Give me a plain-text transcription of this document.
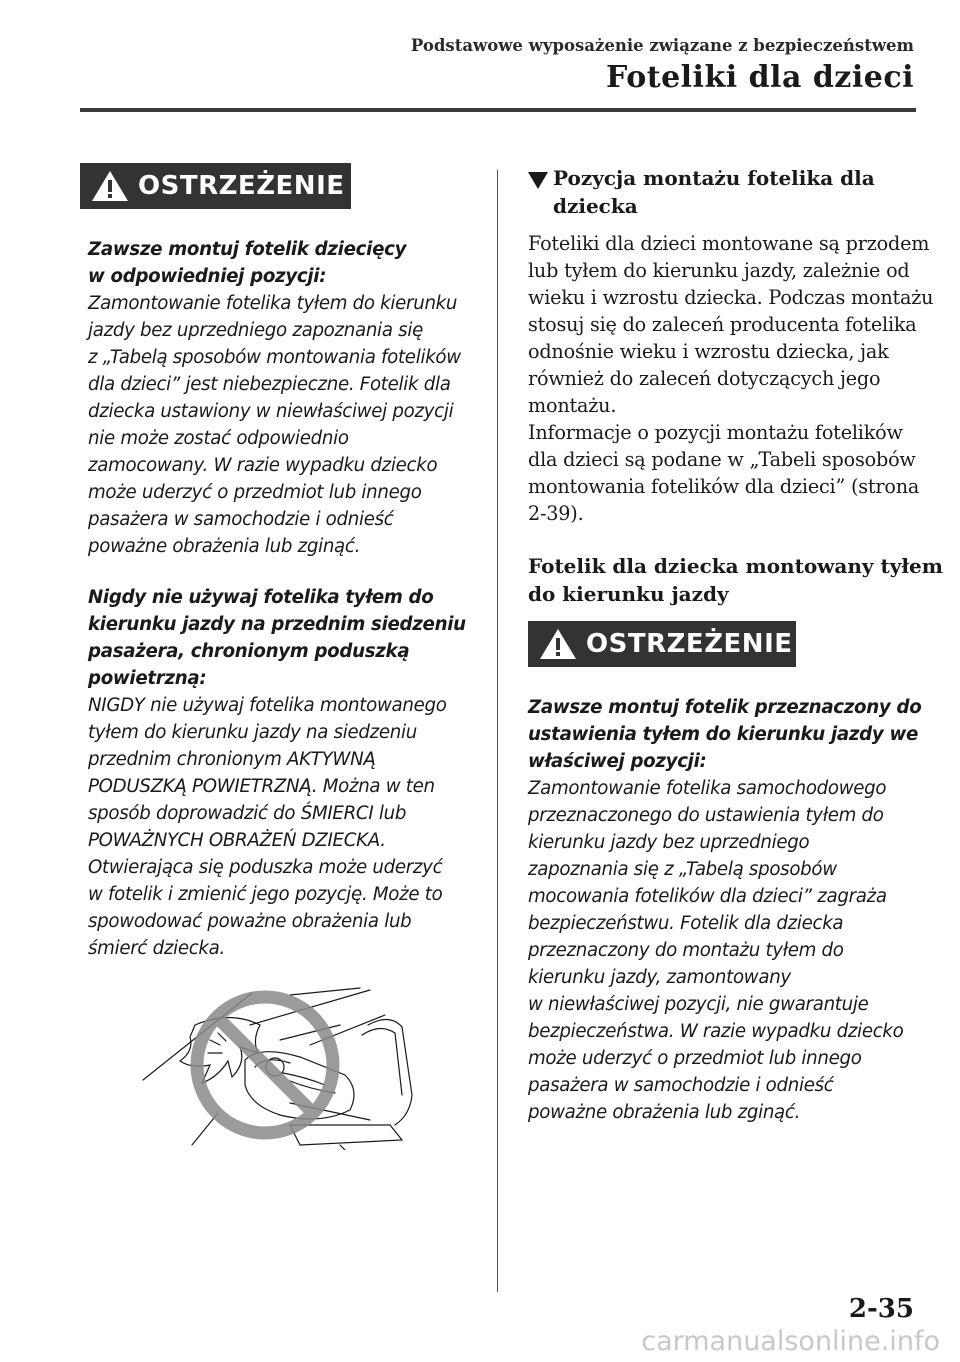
Podstawowe wyposażenie związane z bezpieczeństwem
Foteliki dla dzieci
OSTRZEŻENIE
Zawsze montuj fotelik dziecięcy
w odpowiedniej pozycji:
Zamontowanie fotelika tyłem do kierunku
jazdy bez uprzedniego zapoznania się
z „Tabelą sposobów montowania fotelików
dla dzieci” jest niebezpieczne. Fotelik dla
dziecka ustawiony w niewłaściwej pozycji
nie może zostać odpowiednio
zamocowany. W razie wypadku dziecko
może uderzyć o przedmiot lub innego
pasażera w samochodzie i odnieść
poważne obrażenia lub zginąć.
Nigdy nie używaj fotelika tyłem do
kierunku jazdy na przednim siedzeniu
pasażera, chronionym poduszką
powietrzną:
NIGDY nie używaj fotelika montowanego
tyłem do kierunku jazdy na siedzeniu
przednim chronionym AKTYWNĄ
PODUSZKĄ POWIETRZNĄ. Można w ten
sposób doprowadzić do ŚMIERCI lub
POWAŻNYCH OBRAŻEŃ DZIECKA.
Otwierająca się poduszka może uderzyć
w fotelik i zmienić jego pozycję. Może to
spowodować poważne obrażenia lub
śmierć dziecka.
Pozycja montażu fotelika dla
dziecka
Foteliki dla dzieci montowane są przodem
lub tyłem do kierunku jazdy, zależnie od
wieku i wzrostu dziecka. Podczas montażu
stosuj się do zaleceń producenta fotelika
odnośnie wieku i wzrostu dziecka, jak
również do zaleceń dotyczących jego
montażu.
Informacje o pozycji montażu fotelików
dla dzieci są podane w „Tabeli sposobów
montowania fotelików dla dzieci” (strona
2-39).
Fotelik dla dziecka montowany tyłem
do kierunku jazdy
OSTRZEŻENIE
Zawsze montuj fotelik przeznaczony do
ustawienia tyłem do kierunku jazdy we
właściwej pozycji:
Zamontowanie fotelika samochodowego
przeznaczonego do ustawienia tyłem do
kierunku jazdy bez uprzedniego
zapoznania się z „Tabelą sposobów
mocowania fotelików dla dzieci” zagraża
bezpieczeństwu. Fotelik dla dziecka
przeznaczony do montażu tyłem do
kierunku jazdy, zamontowany
w niewłaściwej pozycji, nie gwarantuje
bezpieczeństwa. W razie wypadku dziecko
może uderzyć o przedmiot lub innego
pasażera w samochodzie i odnieść
poważne obrażenia lub zginąć.
2-35
carmanualsonline.info
